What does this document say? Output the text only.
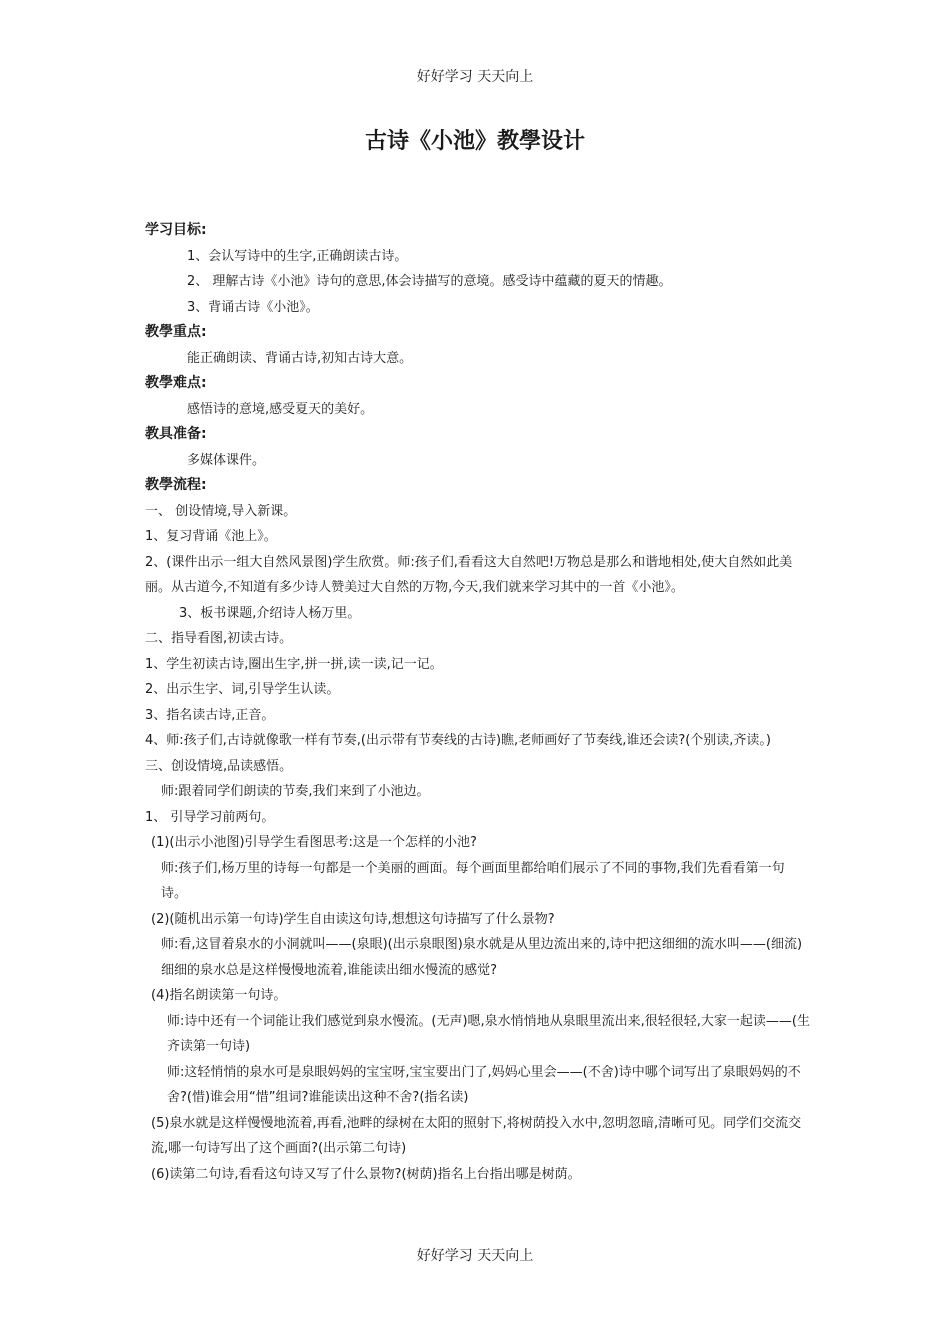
好好学习 天天向上
古诗《小池》教學设计

学习目标:

1、会认写诗中的生字,正确朗读古诗。

2、 理解古诗《小池》诗句的意思,体会诗描写的意境。感受诗中蕴藏的夏天的情趣。

3、背诵古诗《小池》。

教學重点:

能正确朗读、背诵古诗,初知古诗大意。

教學难点:

感悟诗的意境,感受夏天的美好。

教具准备:

多媒体课件。

教學流程:

一、 创设情境,导入新课。

1、复习背诵《池上》。

2、(课件出示一组大自然风景图)学生欣赏。师:孩子们,看看这大自然吧!万物总是那么和谐地相处,使大自然如此美丽。从古道今,不知道有多少诗人赞美过大自然的万物,今天,我们就来学习其中的一首《小池》。

3、板书课题,介绍诗人杨万里。

二、指导看图,初读古诗。

1、学生初读古诗,圈出生字,拼一拼,读一读,记一记。

2、出示生字、词,引导学生认读。

3、指名读古诗,正音。

4、师:孩子们,古诗就像歌一样有节奏,(出示带有节奏线的古诗)瞧,老师画好了节奏线,谁还会读?(个别读,齐读。)

三、创设情境,品读感悟。

师:跟着同学们朗读的节奏,我们来到了小池边。

1、 引导学习前两句。

(1)(出示小池图)引导学生看图思考:这是一个怎样的小池?

师:孩子们,杨万里的诗每一句都是一个美丽的画面。每个画面里都给咱们展示了不同的事物,我们先看看第一句诗。

(2)(随机出示第一句诗)学生自由读这句诗,想想这句诗描写了什么景物?

师:看,这冒着泉水的小洞就叫——(泉眼)(出示泉眼图)泉水就是从里边流出来的,诗中把这细细的流水叫——(细流)细细的泉水总是这样慢慢地流着,谁能读出细水慢流的感觉?

(4)指名朗读第一句诗。

师:诗中还有一个词能让我们感觉到泉水慢流。(无声)嗯,泉水悄悄地从泉眼里流出来,很轻很轻,大家一起读——(生齐读第一句诗)

师:这轻悄悄的泉水可是泉眼妈妈的宝宝呀,宝宝要出门了,妈妈心里会——(不舍)诗中哪个词写出了泉眼妈妈的不舍?(惜)谁会用“惜”组词?谁能读出这种不舍?(指名读)

(5)泉水就是这样慢慢地流着,再看,池畔的绿树在太阳的照射下,将树荫投入水中,忽明忽暗,清晰可见。同学们交流交流,哪一句诗写出了这个画面?(出示第二句诗)

(6)读第二句诗,看看这句诗又写了什么景物?(树荫)指名上台指出哪是树荫。

好好学习 天天向上
